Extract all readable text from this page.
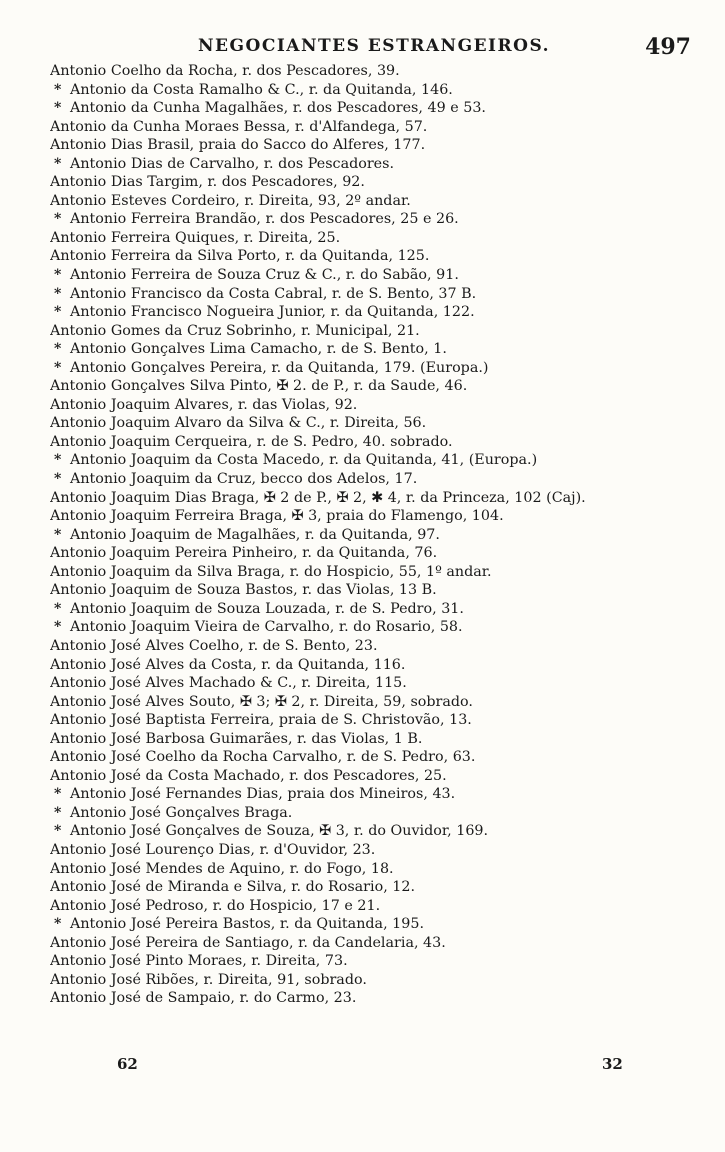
NEGOCIANTES ESTRANGEIROS.	497
Antonio Coelho da Rocha, r. dos Pescadores, 39.
* Antonio da Costa Ramalho & C., r. da Quitanda, 146.
* Antonio da Cunha Magalhães, r. dos Pescadores, 49 e 53.
Antonio da Cunha Moraes Bessa, r. d'Alfandega, 57.
Antonio Dias Brasil, praia do Sacco do Alferes, 177.
* Antonio Dias de Carvalho, r. dos Pescadores.
Antonio Dias Targim, r. dos Pescadores, 92.
Antonio Esteves Cordeiro, r. Direita, 93, 2º andar.
* Antonio Ferreira Brandão, r. dos Pescadores, 25 e 26.
Antonio Ferreira Quiques, r. Direita, 25.
Antonio Ferreira da Silva Porto, r. da Quitanda, 125.
* Antonio Ferreira de Souza Cruz & C., r. do Sabão, 91.
* Antonio Francisco da Costa Cabral, r. de S. Bento, 37 B.
* Antonio Francisco Nogueira Junior, r. da Quitanda, 122.
Antonio Gomes da Cruz Sobrinho, r. Municipal, 21.
* Antonio Gonçalves Lima Camacho, r. de S. Bento, 1.
* Antonio Gonçalves Pereira, r. da Quitanda, 179. (Europa.)
Antonio Gonçalves Silva Pinto, ✠ 2. de P., r. da Saude, 46.
Antonio Joaquim Alvares, r. das Violas, 92.
Antonio Joaquim Alvaro da Silva & C., r. Direita, 56.
Antonio Joaquim Cerqueira, r. de S. Pedro, 40. sobrado.
* Antonio Joaquim da Costa Macedo, r. da Quitanda, 41, (Europa.)
* Antonio Joaquim da Cruz, becco dos Adelos, 17.
Antonio Joaquim Dias Braga, ✠ 2 de P., ✠ 2, ✱ 4, r. da Princeza, 102 (Caj).
Antonio Joaquim Ferreira Braga, ✠ 3, praia do Flamengo, 104.
* Antonio Joaquim de Magalhães, r. da Quitanda, 97.
Antonio Joaquim Pereira Pinheiro, r. da Quitanda, 76.
Antonio Joaquim da Silva Braga, r. do Hospicio, 55, 1º andar.
Antonio Joaquim de Souza Bastos, r. das Violas, 13 B.
* Antonio Joaquim de Souza Louzada, r. de S. Pedro, 31.
* Antonio Joaquim Vieira de Carvalho, r. do Rosario, 58.
Antonio José Alves Coelho, r. de S. Bento, 23.
Antonio José Alves da Costa, r. da Quitanda, 116.
Antonio José Alves Machado & C., r. Direita, 115.
Antonio José Alves Souto, ✠ 3; ✠ 2, r. Direita, 59, sobrado.
Antonio José Baptista Ferreira, praia de S. Christovão, 13.
Antonio José Barbosa Guimarães, r. das Violas, 1 B.
Antonio José Coelho da Rocha Carvalho, r. de S. Pedro, 63.
Antonio José da Costa Machado, r. dos Pescadores, 25.
* Antonio José Fernandes Dias, praia dos Mineiros, 43.
* Antonio José Gonçalves Braga.
* Antonio José Gonçalves de Souza, ✠ 3, r. do Ouvidor, 169.
Antonio José Lourenço Dias, r. d'Ouvidor, 23.
Antonio José Mendes de Aquino, r. do Fogo, 18.
Antonio José de Miranda e Silva, r. do Rosario, 12.
Antonio José Pedroso, r. do Hospicio, 17 e 21.
* Antonio José Pereira Bastos, r. da Quitanda, 195.
Antonio José Pereira de Santiago, r. da Candelaria, 43.
Antonio José Pinto Moraes, r. Direita, 73.
Antonio José Ribões, r. Direita, 91, sobrado.
Antonio José de Sampaio, r. do Carmo, 23.
62	32
